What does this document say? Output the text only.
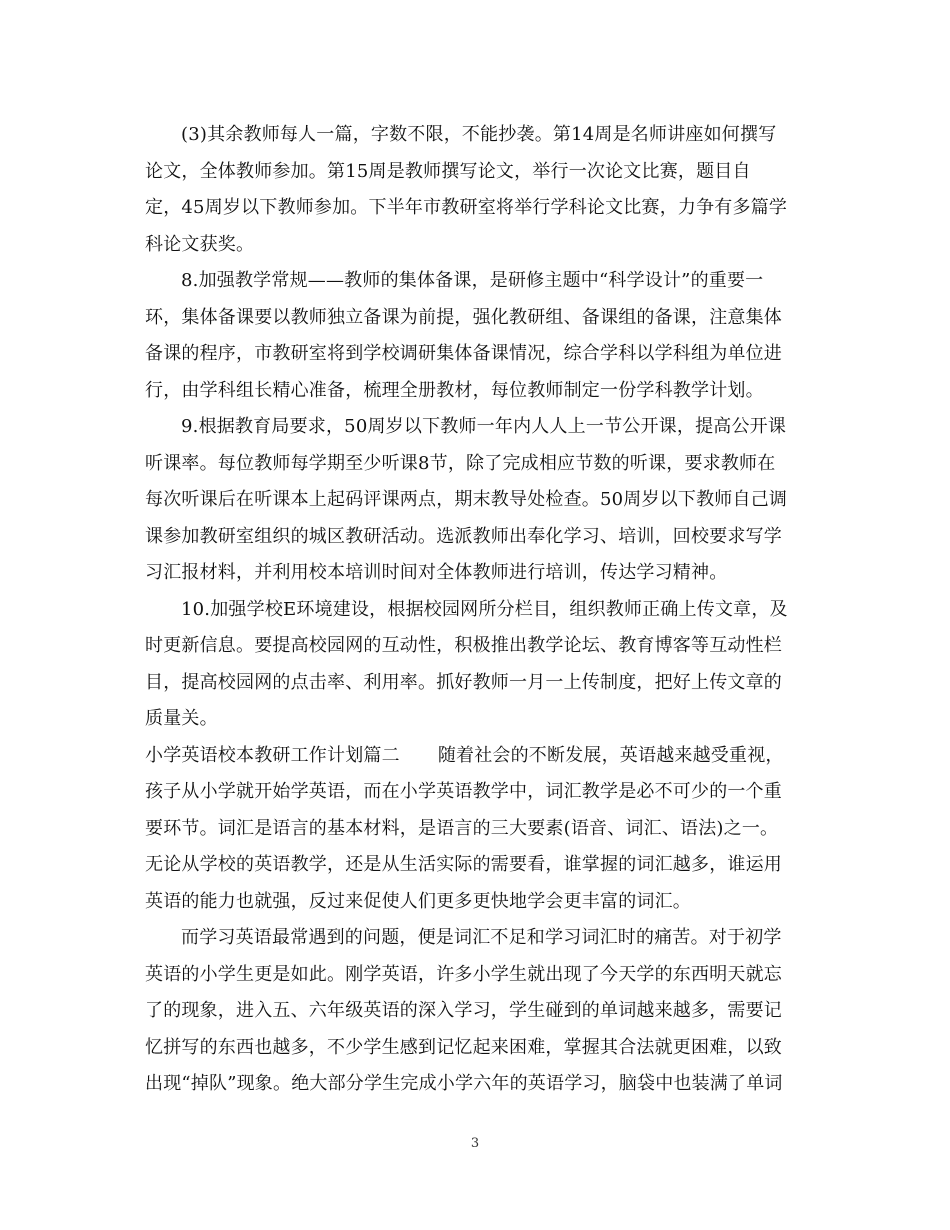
(3)其余教师每人一篇，字数不限，不能抄袭。第14周是名师讲座如何撰写
论文，全体教师参加。第15周是教师撰写论文，举行一次论文比赛，题目自
定，45周岁以下教师参加。下半年市教研室将举行学科论文比赛，力争有多篇学
科论文获奖。
8.加强教学常规——教师的集体备课，是研修主题中“科学设计”的重要一
环，集体备课要以教师独立备课为前提，强化教研组、备课组的备课，注意集体
备课的程序，市教研室将到学校调研集体备课情况，综合学科以学科组为单位进
行，由学科组长精心准备，梳理全册教材，每位教师制定一份学科教学计划。
9.根据教育局要求，50周岁以下教师一年内人人上一节公开课，提高公开课
听课率。每位教师每学期至少听课8节，除了完成相应节数的听课，要求教师在
每次听课后在听课本上起码评课两点，期末教导处检查。50周岁以下教师自己调
课参加教研室组织的城区教研活动。选派教师出奉化学习、培训，回校要求写学
习汇报材料，并利用校本培训时间对全体教师进行培训，传达学习精神。
10.加强学校E环境建设，根据校园网所分栏目，组织教师正确上传文章，及
时更新信息。要提高校园网的互动性，积极推出教学论坛、教育博客等互动性栏
目，提高校园网的点击率、利用率。抓好教师一月一上传制度，把好上传文章的
质量关。
小学英语校本教研工作计划篇二 随着社会的不断发展，英语越来越受重视，
孩子从小学就开始学英语，而在小学英语教学中，词汇教学是必不可少的一个重
要环节。词汇是语言的基本材料，是语言的三大要素(语音、词汇、语法)之一。
无论从学校的英语教学，还是从生活实际的需要看，谁掌握的词汇越多，谁运用
英语的能力也就强，反过来促使人们更多更快地学会更丰富的词汇。
而学习英语最常遇到的问题，便是词汇不足和学习词汇时的痛苦。对于初学
英语的小学生更是如此。刚学英语，许多小学生就出现了今天学的东西明天就忘
了的现象，进入五、六年级英语的深入学习，学生碰到的单词越来越多，需要记
忆拼写的东西也越多，不少学生感到记忆起来困难，掌握其合法就更困难，以致
出现“掉队”现象。绝大部分学生完成小学六年的英语学习，脑袋中也装满了单词
3
